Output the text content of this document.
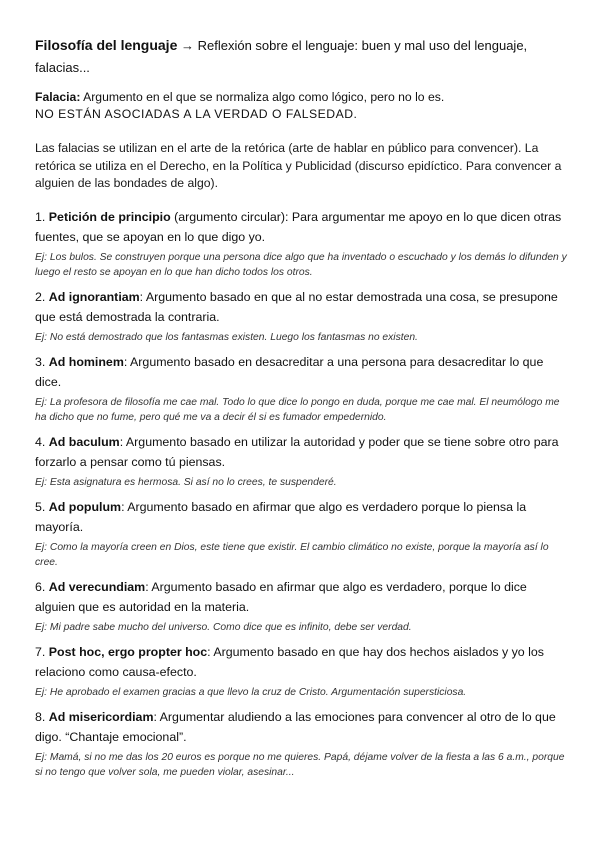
Filosofía del lenguaje → Reflexión sobre el lenguaje: buen y mal uso del lenguaje, falacias...

Falacia: Argumento en el que se normaliza algo como lógico, pero no lo es.
NO ESTÁN ASOCIADAS A LA VERDAD O FALSEDAD.
Las falacias se utilizan en el arte de la retórica (arte de hablar en público para convencer). La retórica se utiliza en el Derecho, en la Política y Publicidad (discurso epidíctico. Para convencer a alguien de las bondades de algo).
1. Petición de principio (argumento circular): Para argumentar me apoyo en lo que dicen otras fuentes, que se apoyan en lo que digo yo.
Ej: Los bulos. Se construyen porque una persona dice algo que ha inventado o escuchado y los demás lo difunden y luego el resto se apoyan en lo que han dicho todos los otros.
2. Ad ignorantiam: Argumento basado en que al no estar demostrada una cosa, se presupone que está demostrada la contraria.
Ej: No está demostrado que los fantasmas existen. Luego los fantasmas no existen.
3. Ad hominem: Argumento basado en desacreditar a una persona para desacreditar lo que dice.
Ej: La profesora de filosofía me cae mal. Todo lo que dice lo pongo en duda, porque me cae mal. El neumólogo me ha dicho que no fume, pero qué me va a decir él si es fumador empedernido.
4. Ad baculum: Argumento basado en utilizar la autoridad y poder que se tiene sobre otro para forzarlo a pensar como tú piensas.
Ej: Esta asignatura es hermosa. Si así no lo crees, te suspenderé.
5. Ad populum: Argumento basado en afirmar que algo es verdadero porque lo piensa la mayoría.
Ej: Como la mayoría creen en Dios, este tiene que existir. El cambio climático no existe, porque la mayoría así lo cree.
6. Ad verecundiam: Argumento basado en afirmar que algo es verdadero, porque lo dice alguien que es autoridad en la materia.
Ej: Mi padre sabe mucho del universo. Como dice que es infinito, debe ser verdad.
7. Post hoc, ergo propter hoc: Argumento basado en que hay dos hechos aislados y yo los relaciono como causa-efecto.
Ej: He aprobado el examen gracias a que llevo la cruz de Cristo. Argumentación supersticiosa.
8. Ad misericordiam: Argumentar aludiendo a las emociones para convencer al otro de lo que digo. “Chantaje emocional”.
Ej: Mamá, si no me das los 20 euros es porque no me quieres. Papá, déjame volver de la fiesta a las 6 a.m., porque si no tengo que volver sola, me pueden violar, asesinar...
